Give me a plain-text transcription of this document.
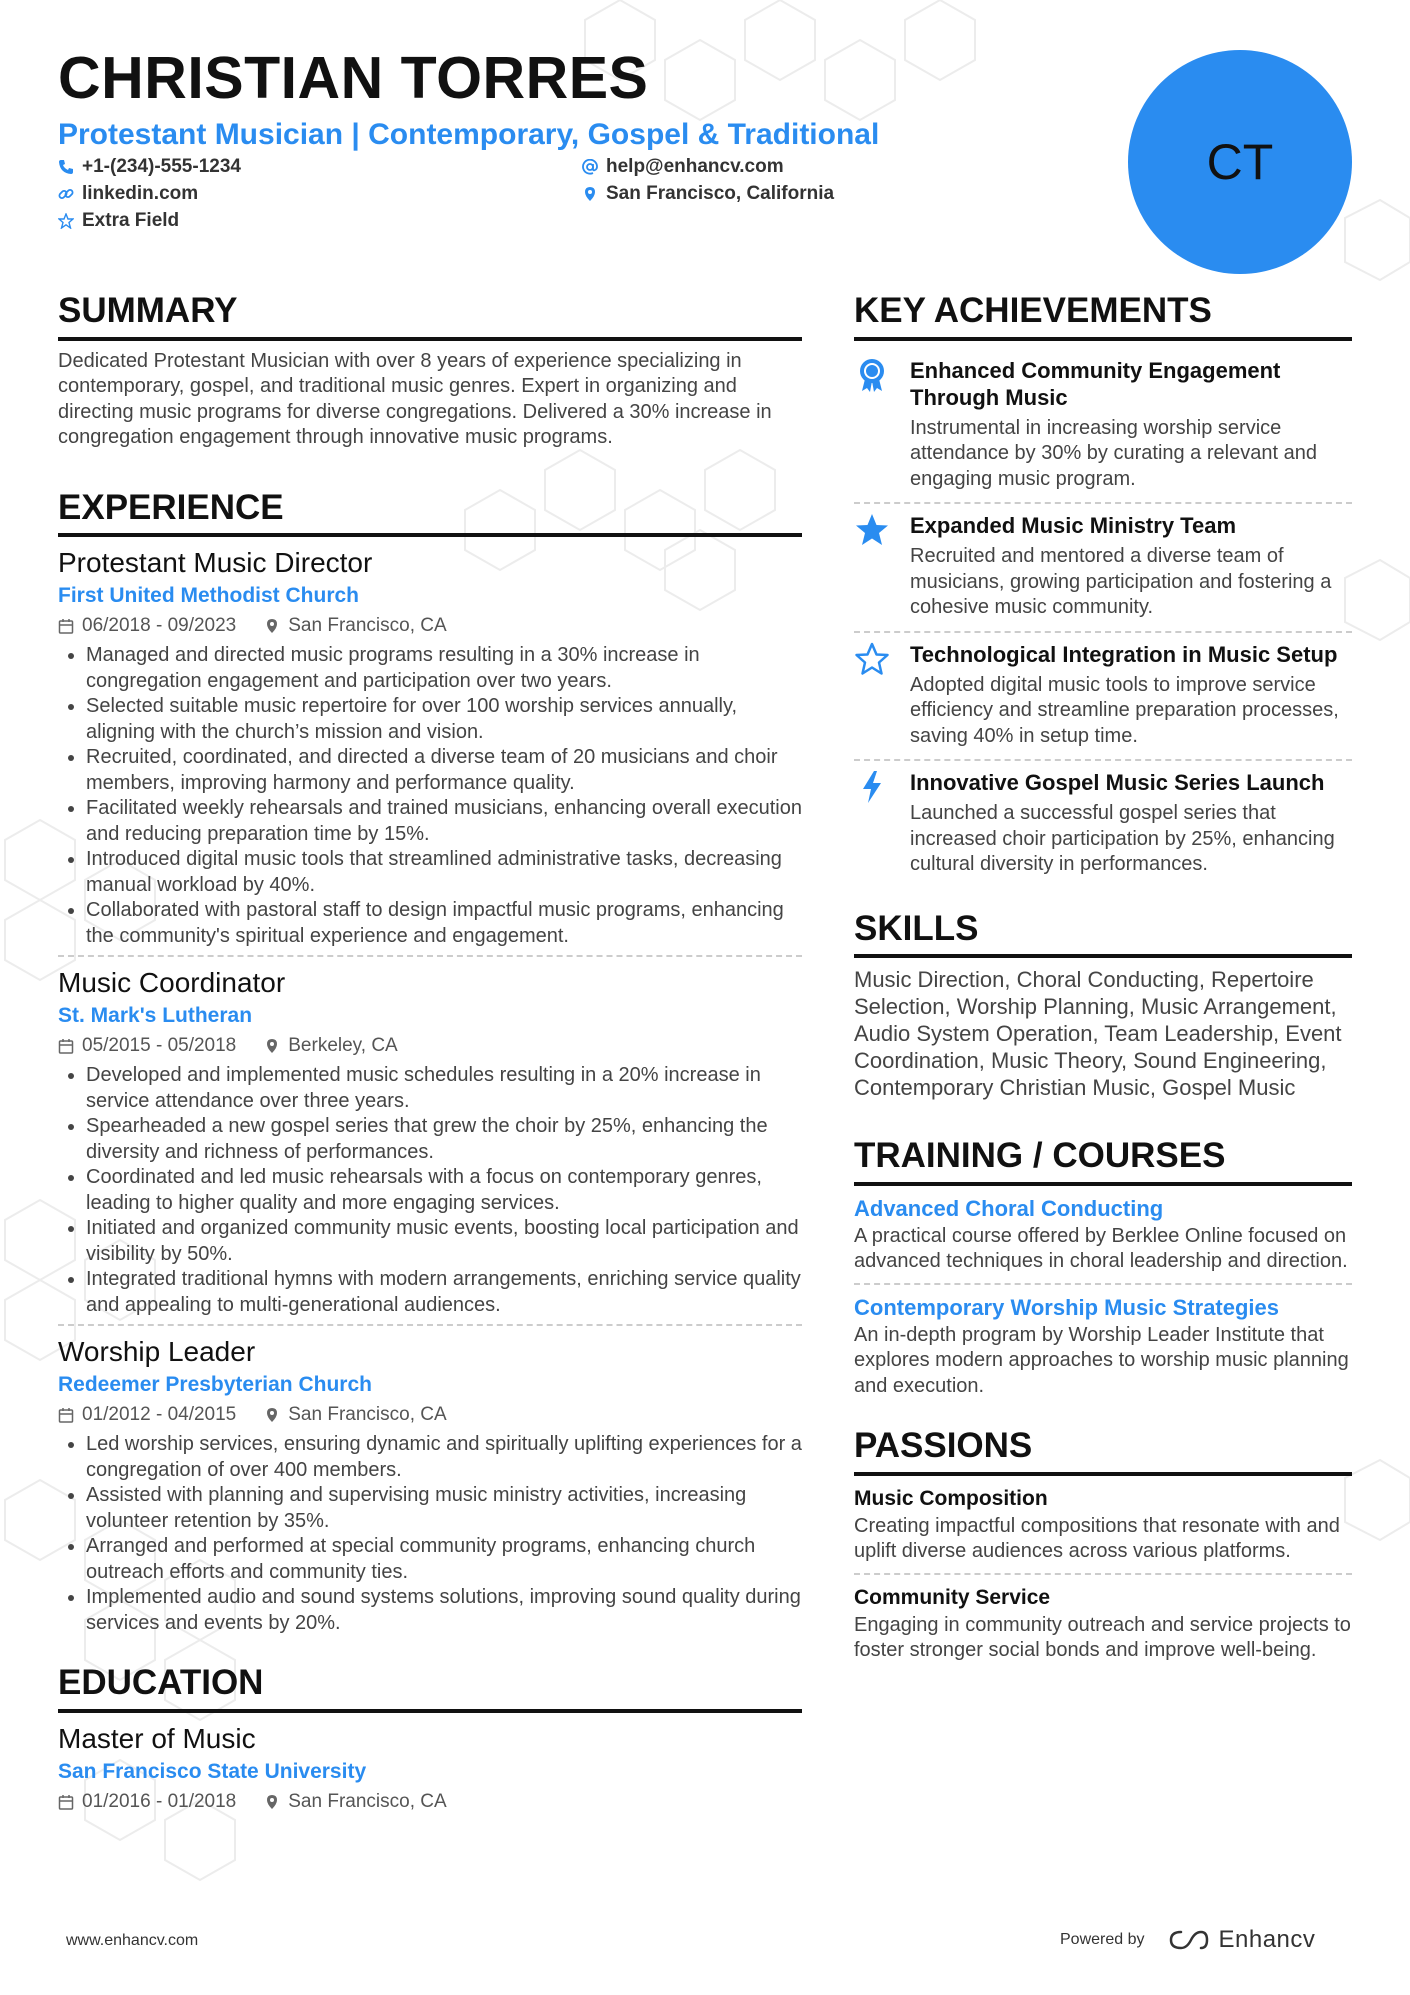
CHRISTIAN TORRES
Protestant Musician | Contemporary, Gospel & Traditional
+1-(234)-555-1234	help@enhancv.com
linkedin.com	San Francisco, California
Extra Field
CT
SUMMARY
Dedicated Protestant Musician with over 8 years of experience specializing in contemporary, gospel, and traditional music genres. Expert in organizing and directing music programs for diverse congregations. Delivered a 30% increase in congregation engagement through innovative music programs.
EXPERIENCE
Protestant Music Director
First United Methodist Church
06/2018 - 09/2023	San Francisco, CA
• Managed and directed music programs resulting in a 30% increase in congregation engagement and participation over two years.
• Selected suitable music repertoire for over 100 worship services annually, aligning with the church’s mission and vision.
• Recruited, coordinated, and directed a diverse team of 20 musicians and choir members, improving harmony and performance quality.
• Facilitated weekly rehearsals and trained musicians, enhancing overall execution and reducing preparation time by 15%.
• Introduced digital music tools that streamlined administrative tasks, decreasing manual workload by 40%.
• Collaborated with pastoral staff to design impactful music programs, enhancing the community's spiritual experience and engagement.
Music Coordinator
St. Mark's Lutheran
05/2015 - 05/2018	Berkeley, CA
• Developed and implemented music schedules resulting in a 20% increase in service attendance over three years.
• Spearheaded a new gospel series that grew the choir by 25%, enhancing the diversity and richness of performances.
• Coordinated and led music rehearsals with a focus on contemporary genres, leading to higher quality and more engaging services.
• Initiated and organized community music events, boosting local participation and visibility by 50%.
• Integrated traditional hymns with modern arrangements, enriching service quality and appealing to multi-generational audiences.
Worship Leader
Redeemer Presbyterian Church
01/2012 - 04/2015	San Francisco, CA
• Led worship services, ensuring dynamic and spiritually uplifting experiences for a congregation of over 400 members.
• Assisted with planning and supervising music ministry activities, increasing volunteer retention by 35%.
• Arranged and performed at special community programs, enhancing church outreach efforts and community ties.
• Implemented audio and sound systems solutions, improving sound quality during services and events by 20%.
EDUCATION
Master of Music
San Francisco State University
01/2016 - 01/2018	San Francisco, CA
KEY ACHIEVEMENTS
Enhanced Community Engagement Through Music
Instrumental in increasing worship service attendance by 30% by curating a relevant and engaging music program.
Expanded Music Ministry Team
Recruited and mentored a diverse team of musicians, growing participation and fostering a cohesive music community.
Technological Integration in Music Setup
Adopted digital music tools to improve service efficiency and streamline preparation processes, saving 40% in setup time.
Innovative Gospel Music Series Launch
Launched a successful gospel series that increased choir participation by 25%, enhancing cultural diversity in performances.
SKILLS
Music Direction, Choral Conducting, Repertoire Selection, Worship Planning, Music Arrangement, Audio System Operation, Team Leadership, Event Coordination, Music Theory, Sound Engineering, Contemporary Christian Music, Gospel Music
TRAINING / COURSES
Advanced Choral Conducting
A practical course offered by Berklee Online focused on advanced techniques in choral leadership and direction.
Contemporary Worship Music Strategies
An in-depth program by Worship Leader Institute that explores modern approaches to worship music planning and execution.
PASSIONS
Music Composition
Creating impactful compositions that resonate with and uplift diverse audiences across various platforms.
Community Service
Engaging in community outreach and service projects to foster stronger social bonds and improve well-being.
www.enhancv.com	Powered by	Enhancv
